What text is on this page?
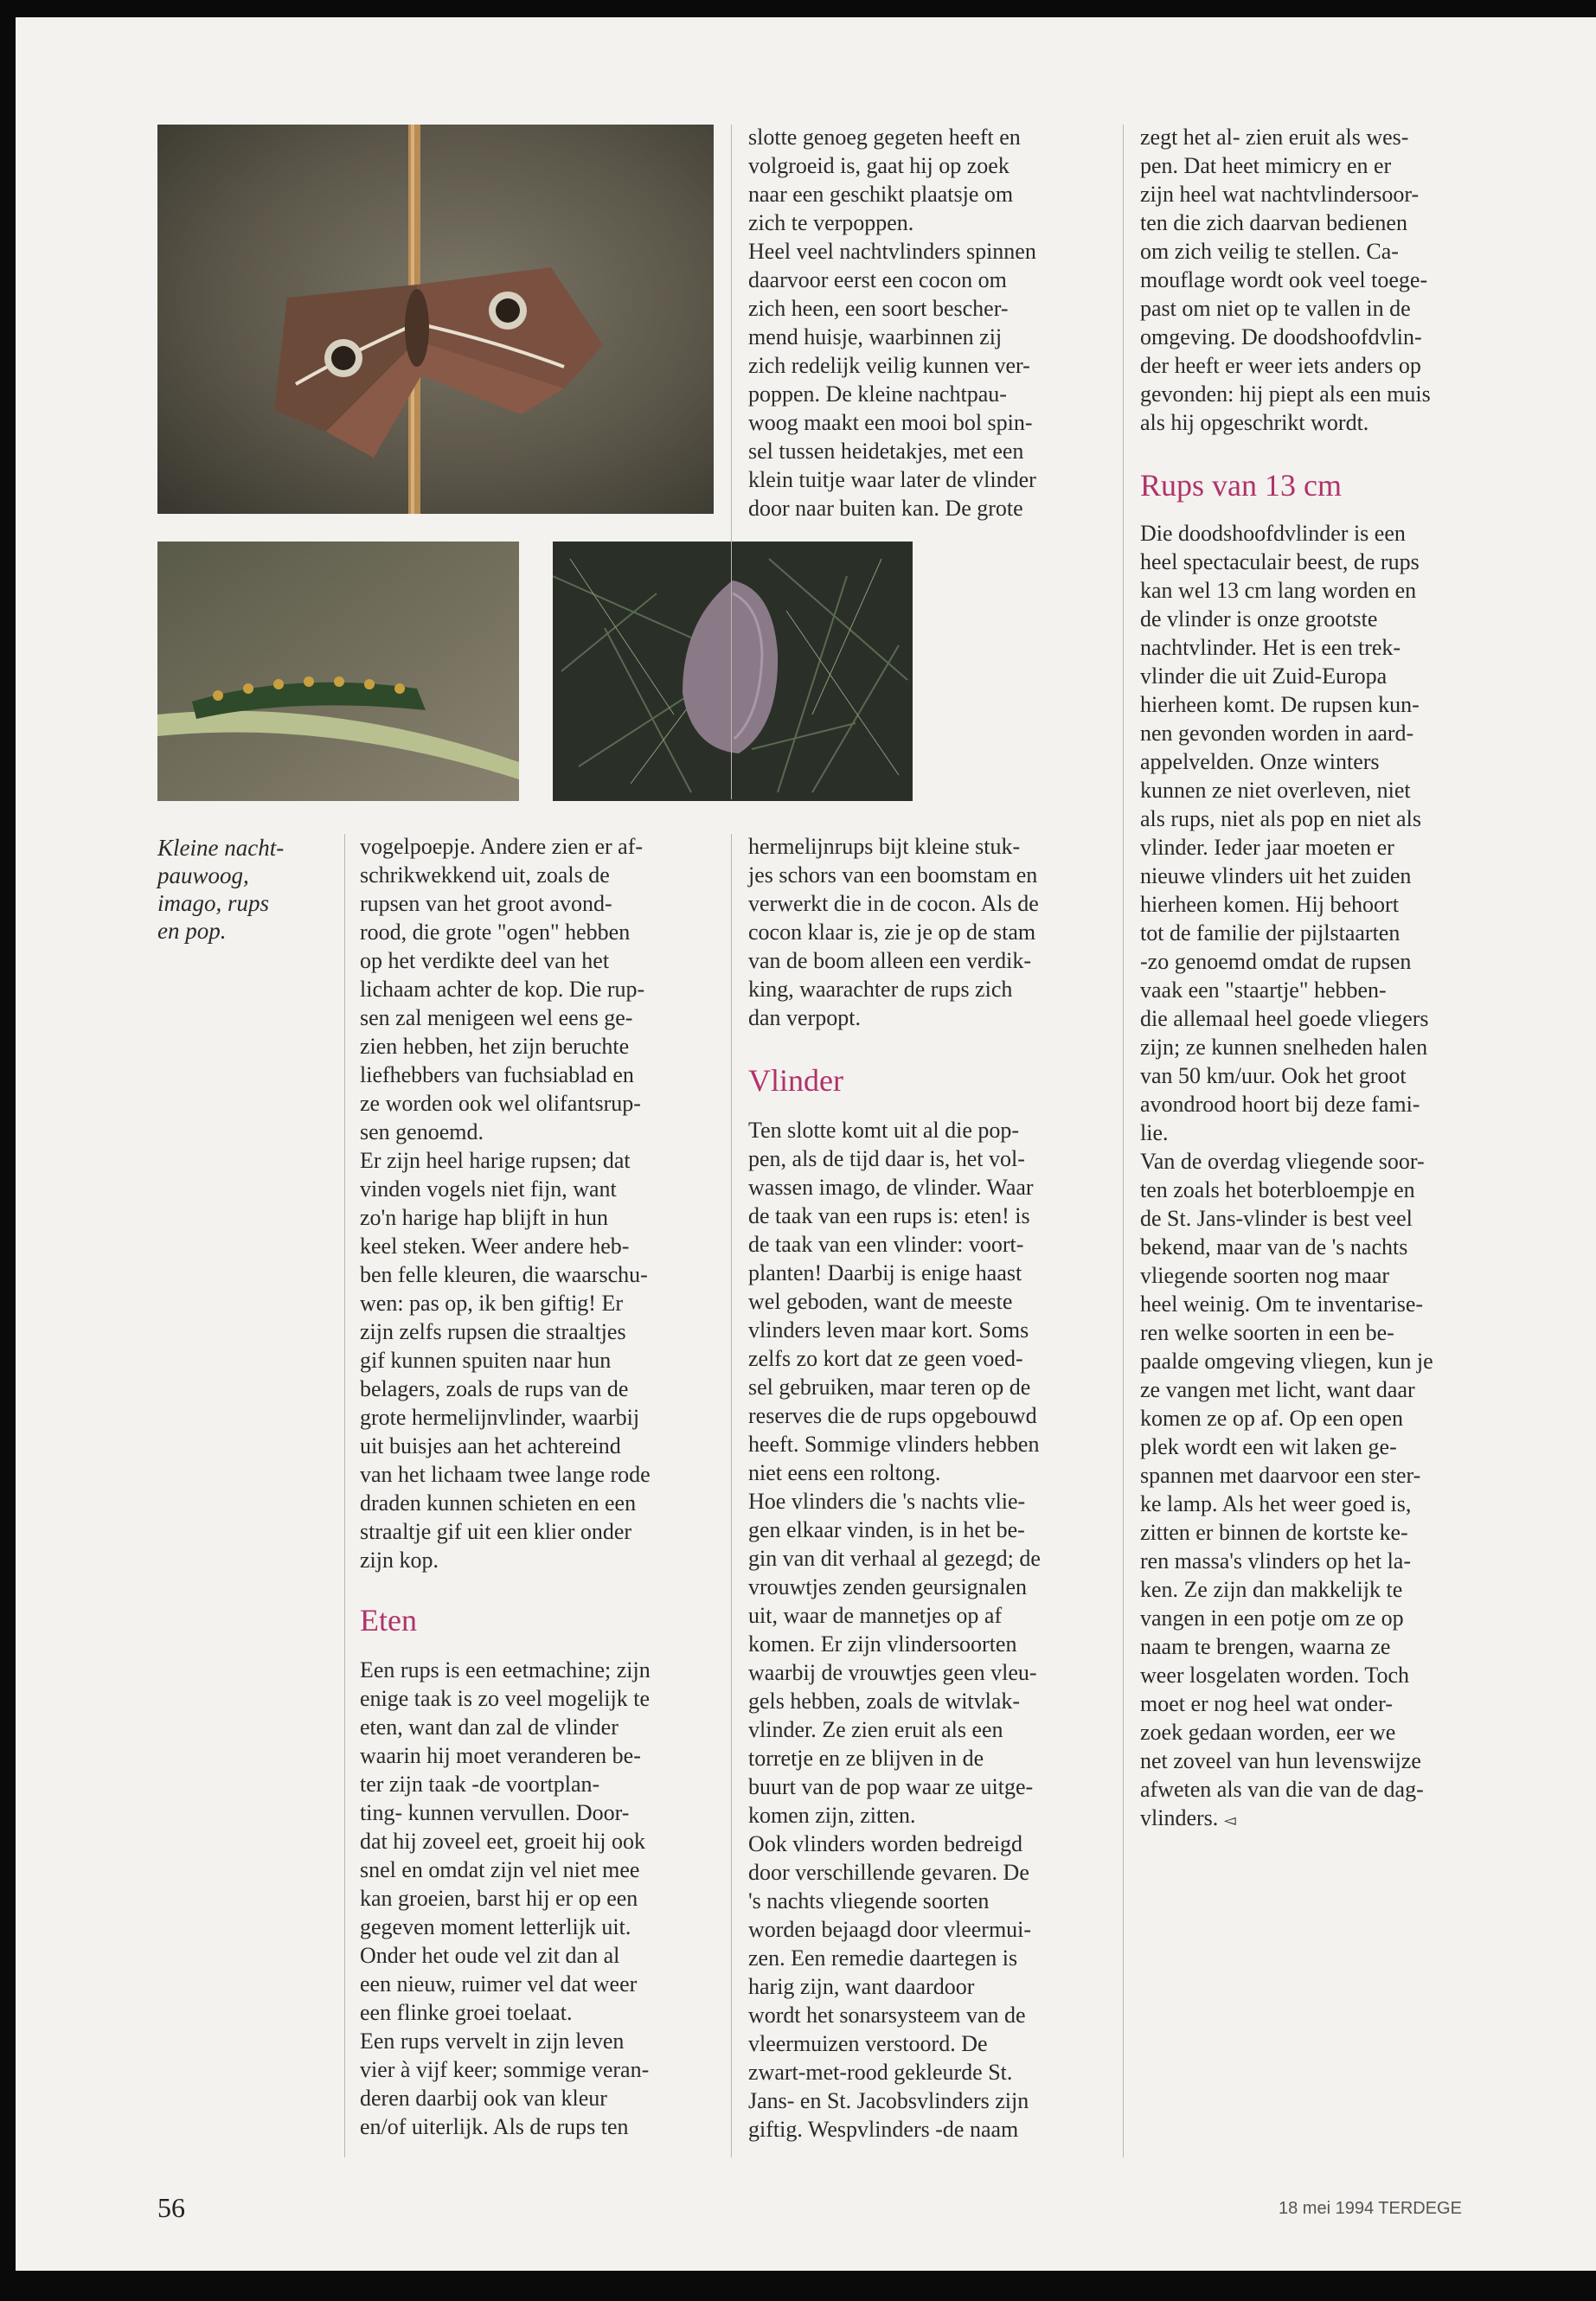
Kleine nacht-
pauwoog,
imago, rups
en pop.
slotte genoeg gegeten heeft en
volgroeid is, gaat hij op zoek
naar een geschikt plaatsje om
zich te verpoppen.
Heel veel nachtvlinders spinnen
daarvoor eerst een cocon om
zich heen, een soort bescher-
mend huisje, waarbinnen zij
zich redelijk veilig kunnen ver-
poppen. De kleine nachtpau-
woog maakt een mooi bol spin-
sel tussen heidetakjes, met een
klein tuitje waar later de vlinder
door naar buiten kan. De grote
zegt het al- zien eruit als wes-
pen. Dat heet mimicry en er
zijn heel wat nachtvlindersoor-
ten die zich daarvan bedienen
om zich veilig te stellen. Ca-
mouflage wordt ook veel toege-
past om niet op te vallen in de
omgeving. De doodshoofdvlin-
der heeft er weer iets anders op
gevonden: hij piept als een muis
als hij opgeschrikt wordt.
Rups van 13 cm
Die doodshoofdvlinder is een
heel spectaculair beest, de rups
kan wel 13 cm lang worden en
de vlinder is onze grootste
nachtvlinder. Het is een trek-
vlinder die uit Zuid-Europa
hierheen komt. De rupsen kun-
nen gevonden worden in aard-
appelvelden. Onze winters
kunnen ze niet overleven, niet
als rups, niet als pop en niet als
vlinder. Ieder jaar moeten er
nieuwe vlinders uit het zuiden
hierheen komen. Hij behoort
tot de familie der pijlstaarten
-zo genoemd omdat de rupsen
vaak een "staartje" hebben-
die allemaal heel goede vliegers
zijn; ze kunnen snelheden halen
van 50 km/uur. Ook het groot
avondrood hoort bij deze fami-
lie.
Van de overdag vliegende soor-
ten zoals het boterbloempje en
de St. Jans-vlinder is best veel
bekend, maar van de 's nachts
vliegende soorten nog maar
heel weinig. Om te inventarise-
ren welke soorten in een be-
paalde omgeving vliegen, kun je
ze vangen met licht, want daar
komen ze op af. Op een open
plek wordt een wit laken ge-
spannen met daarvoor een ster-
ke lamp. Als het weer goed is,
zitten er binnen de kortste ke-
ren massa's vlinders op het la-
ken. Ze zijn dan makkelijk te
vangen in een potje om ze op
naam te brengen, waarna ze
weer losgelaten worden. Toch
moet er nog heel wat onder-
zoek gedaan worden, eer we
net zoveel van hun levenswijze
afweten als van die van de dag-
vlinders. ◅
vogelpoepje. Andere zien er af-
schrikwekkend uit, zoals de
rupsen van het groot avond-
rood, die grote "ogen" hebben
op het verdikte deel van het
lichaam achter de kop. Die rup-
sen zal menigeen wel eens ge-
zien hebben, het zijn beruchte
liefhebbers van fuchsiablad en
ze worden ook wel olifantsrup-
sen genoemd.
Er zijn heel harige rupsen; dat
vinden vogels niet fijn, want
zo'n harige hap blijft in hun
keel steken. Weer andere heb-
ben felle kleuren, die waarschu-
wen: pas op, ik ben giftig! Er
zijn zelfs rupsen die straaltjes
gif kunnen spuiten naar hun
belagers, zoals de rups van de
grote hermelijnvlinder, waarbij
uit buisjes aan het achtereind
van het lichaam twee lange rode
draden kunnen schieten en een
straaltje gif uit een klier onder
zijn kop.
Eten
Een rups is een eetmachine; zijn
enige taak is zo veel mogelijk te
eten, want dan zal de vlinder
waarin hij moet veranderen be-
ter zijn taak -de voortplan-
ting- kunnen vervullen. Door-
dat hij zoveel eet, groeit hij ook
snel en omdat zijn vel niet mee
kan groeien, barst hij er op een
gegeven moment letterlijk uit.
Onder het oude vel zit dan al
een nieuw, ruimer vel dat weer
een flinke groei toelaat.
Een rups vervelt in zijn leven
vier à vijf keer; sommige veran-
deren daarbij ook van kleur
en/of uiterlijk. Als de rups ten
hermelijnrups bijt kleine stuk-
jes schors van een boomstam en
verwerkt die in de cocon. Als de
cocon klaar is, zie je op de stam
van de boom alleen een verdik-
king, waarachter de rups zich
dan verpopt.
Vlinder
Ten slotte komt uit al die pop-
pen, als de tijd daar is, het vol-
wassen imago, de vlinder. Waar
de taak van een rups is: eten! is
de taak van een vlinder: voort-
planten! Daarbij is enige haast
wel geboden, want de meeste
vlinders leven maar kort. Soms
zelfs zo kort dat ze geen voed-
sel gebruiken, maar teren op de
reserves die de rups opgebouwd
heeft. Sommige vlinders hebben
niet eens een roltong.
Hoe vlinders die 's nachts vlie-
gen elkaar vinden, is in het be-
gin van dit verhaal al gezegd; de
vrouwtjes zenden geursignalen
uit, waar de mannetjes op af
komen. Er zijn vlindersoorten
waarbij de vrouwtjes geen vleu-
gels hebben, zoals de witvlak-
vlinder. Ze zien eruit als een
torretje en ze blijven in de
buurt van de pop waar ze uitge-
komen zijn, zitten.
Ook vlinders worden bedreigd
door verschillende gevaren. De
's nachts vliegende soorten
worden bejaagd door vleermui-
zen. Een remedie daartegen is
harig zijn, want daardoor
wordt het sonarsysteem van de
vleermuizen verstoord. De
zwart-met-rood gekleurde St.
Jans- en St. Jacobsvlinders zijn
giftig. Wespvlinders -de naam
56	18 mei 1994 TERDEGE
